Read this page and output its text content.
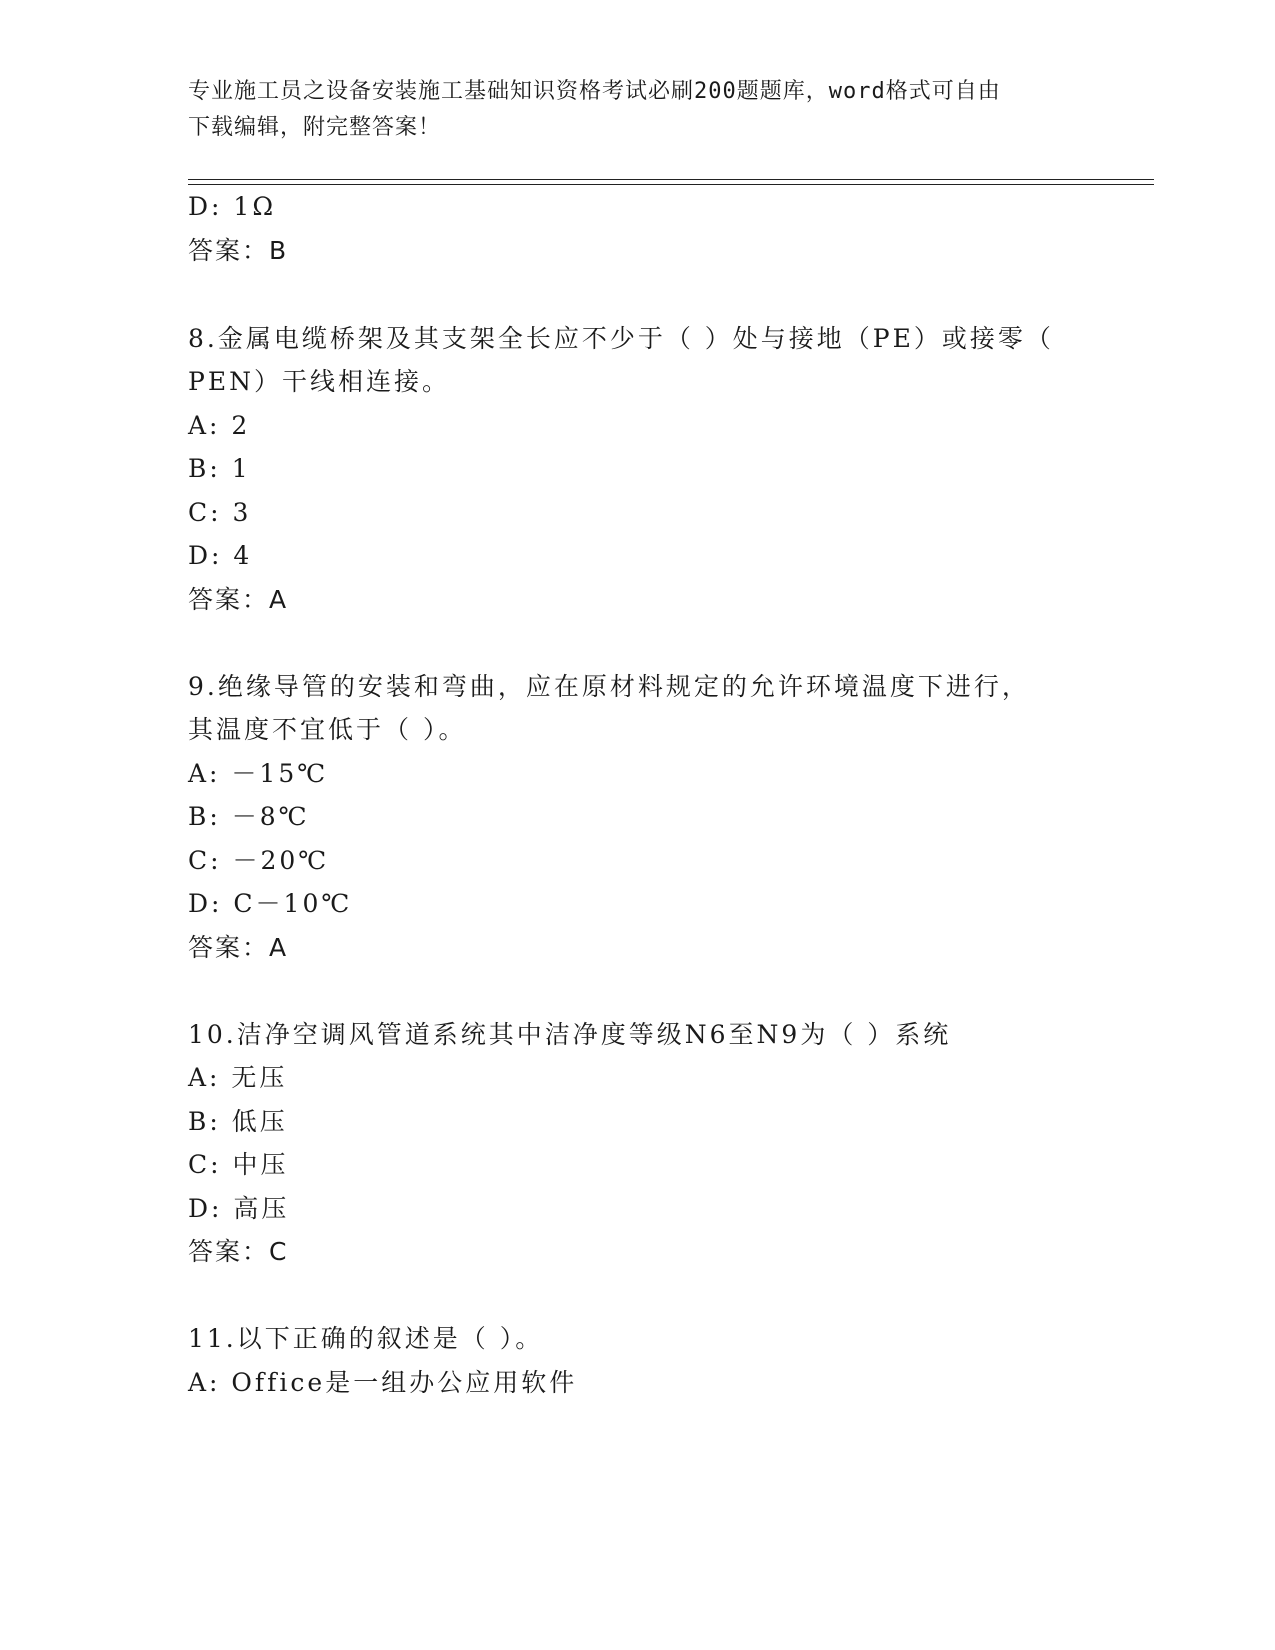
专业施工员之设备安装施工基础知识资格考试必刷200题题库，word格式可自由
下载编辑，附完整答案！
D: 1Ω
答案：B
8.金属电缆桥架及其支架全长应不少于（ ）处与接地（PE）或接零（
PEN）干线相连接。
A: 2
B: 1
C: 3
D: 4
答案：A
9.绝缘导管的安装和弯曲，应在原材料规定的允许环境温度下进行，
其温度不宜低于（ ）。
A: －15℃
B: －8℃
C: －20℃
D: C－10℃
答案：A
10.洁净空调风管道系统其中洁净度等级N6至N9为（ ）系统
A: 无压
B: 低压
C: 中压
D: 高压
答案：C
11.以下正确的叙述是（ ）。
A: Office是一组办公应用软件
